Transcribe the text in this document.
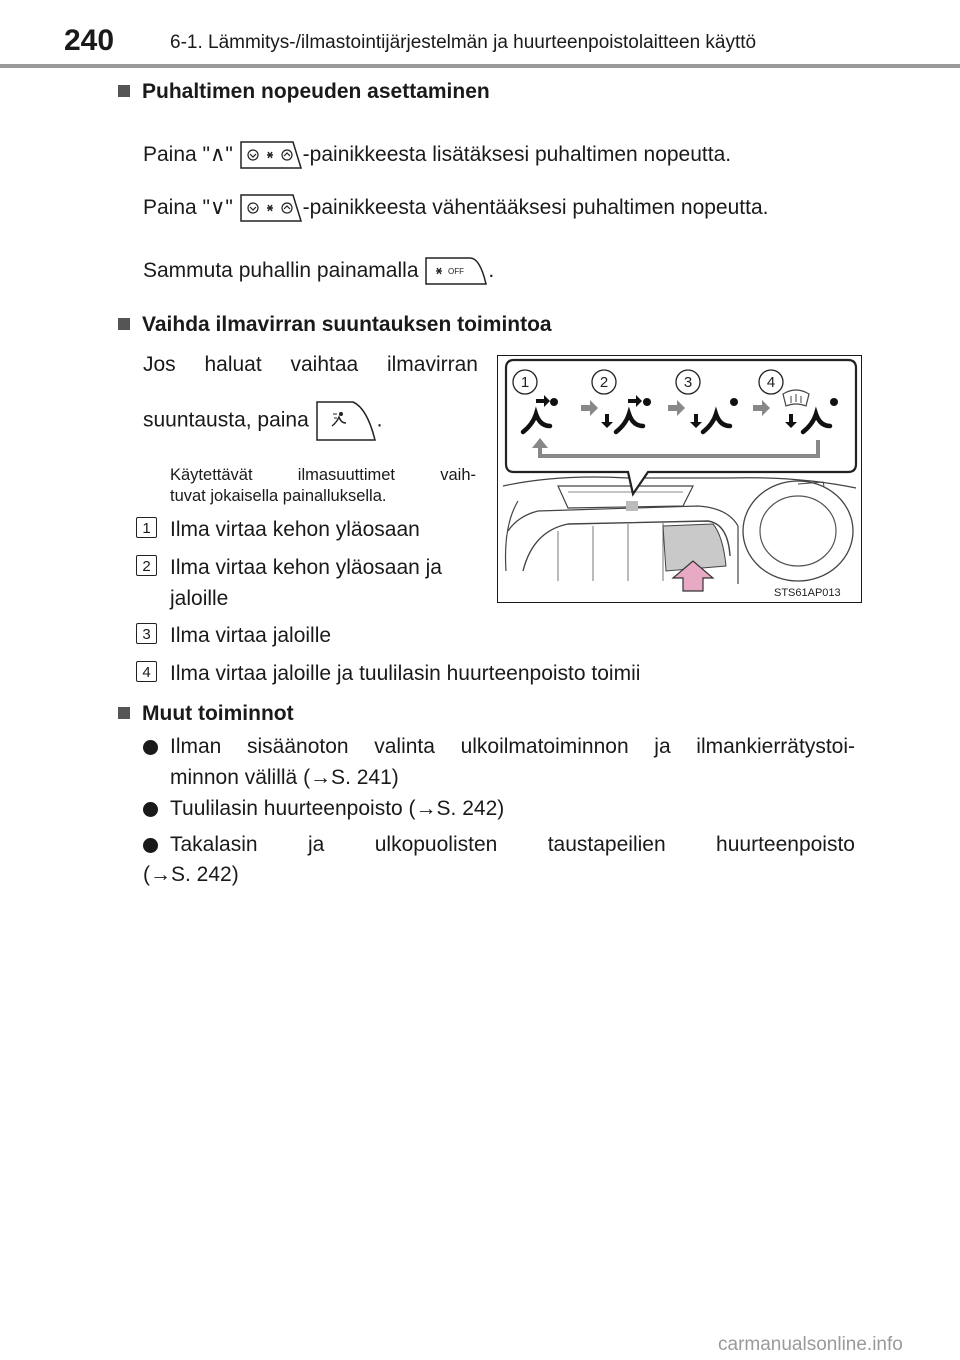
240	6-1. Lämmitys-/ilmastointijärjestelmän ja huurteenpoistolaitteen käyttö
Puhaltimen nopeuden asettaminen
Paina "∧"	-painikkeesta lisätäksesi puhaltimen nopeutta.
Paina "∨"	-painikkeesta vähentääksesi puhaltimen nopeutta.
Sammuta puhallin painamalla	OFF .
Vaihda ilmavirran suuntauksen toimintoa
Jos haluat vaihtaa ilmavirran
suuntausta, paina	.
Käytettävät ilmasuuttimet vaih-
tuvat jokaisella painalluksella.
1 Ilma virtaa kehon yläosaan
2 Ilma virtaa kehon yläosaan ja
jaloille
3 Ilma virtaa jaloille
4 Ilma virtaa jaloille ja tuulilasin huurteenpoisto toimii
1	2	3	4
STS61AP013
Muut toiminnot
Ilman sisäänoton valinta ulkoilmatoiminnon ja ilmankierrätystoi-
minnon välillä (→S. 241)
Tuulilasin huurteenpoisto (→S. 242)
Takalasin ja ulkopuolisten taustapeilien huurteenpoisto
(→S. 242)
carmanualsonline.info
